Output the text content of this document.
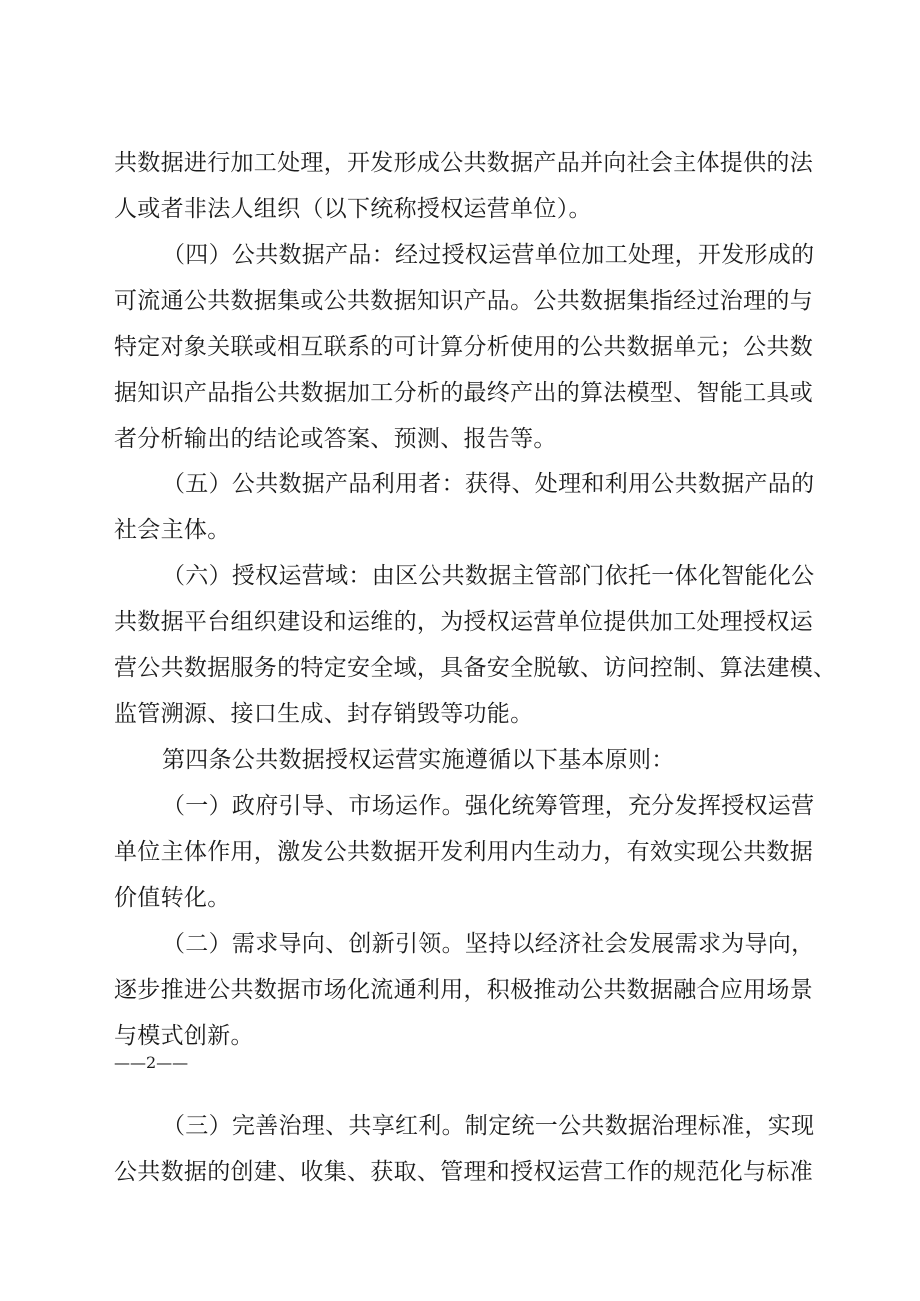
共数据进行加工处理，开发形成公共数据产品并向社会主体提供的法
人或者非法人组织（以下统称授权运营单位）。
（四）公共数据产品：经过授权运营单位加工处理，开发形成的
可流通公共数据集或公共数据知识产品。公共数据集指经过治理的与
特定对象关联或相互联系的可计算分析使用的公共数据单元；公共数
据知识产品指公共数据加工分析的最终产出的算法模型、智能工具或
者分析输出的结论或答案、预测、报告等。
（五）公共数据产品利用者：获得、处理和利用公共数据产品的
社会主体。
（六）授权运营域：由区公共数据主管部门依托一体化智能化公
共数据平台组织建设和运维的，为授权运营单位提供加工处理授权运
营公共数据服务的特定安全域，具备安全脱敏、访问控制、算法建模、
监管溯源、接口生成、封存销毁等功能。
第四条公共数据授权运营实施遵循以下基本原则：
（一）政府引导、市场运作。强化统筹管理，充分发挥授权运营
单位主体作用，激发公共数据开发利用内生动力，有效实现公共数据
价值转化。
（二）需求导向、创新引领。坚持以经济社会发展需求为导向，
逐步推进公共数据市场化流通利用，积极推动公共数据融合应用场景
与模式创新。
——2——
（三）完善治理、共享红利。制定统一公共数据治理标准，实现
公共数据的创建、收集、获取、管理和授权运营工作的规范化与标准
